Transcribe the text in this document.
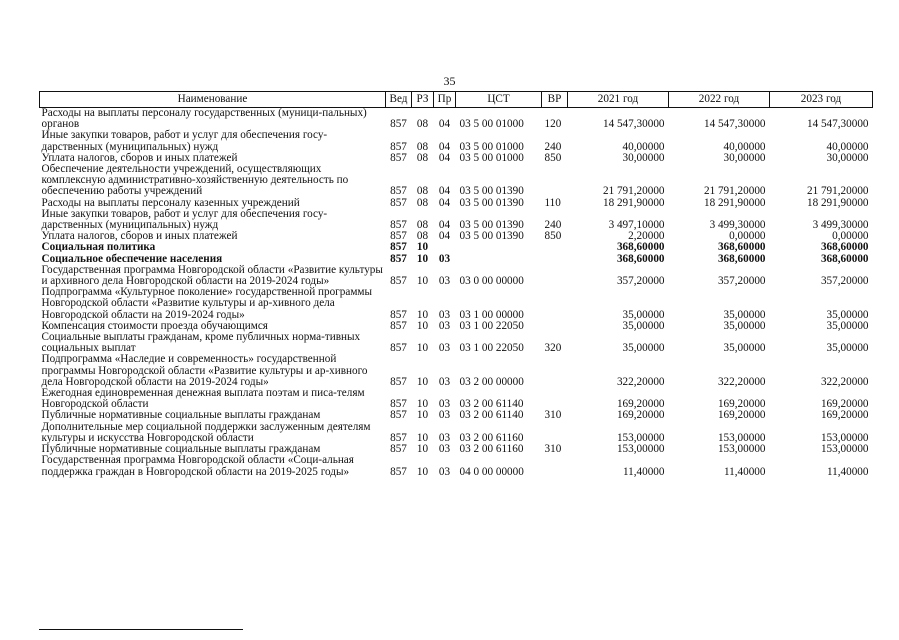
35
Наименование	Вед	РЗ	Пр	ЦСТ	ВР	2021 год	2022 год	2023 год
Расходы на выплаты персоналу государственных (муници-пальных) органов	857	08	04	03 5 00 01000	120	14 547,30000	14 547,30000	14 547,30000
Иные закупки товаров, работ и услуг для обеспечения госу-дарственных (муниципальных) нужд	857	08	04	03 5 00 01000	240	40,00000	40,00000	40,00000
Уплата налогов, сборов и иных платежей	857	08	04	03 5 00 01000	850	30,00000	30,00000	30,00000
Обеспечение деятельности учреждений, осуществляющих комплексную административно-хозяйственную деятельность по обеспечению работы учреждений	857	08	04	03 5 00 01390		21 791,20000	21 791,20000	21 791,20000
Расходы на выплаты персоналу казенных учреждений	857	08	04	03 5 00 01390	110	18 291,90000	18 291,90000	18 291,90000
Иные закупки товаров, работ и услуг для обеспечения госу-дарственных (муниципальных) нужд	857	08	04	03 5 00 01390	240	3 497,10000	3 499,30000	3 499,30000
Уплата налогов, сборов и иных платежей	857	08	04	03 5 00 01390	850	2,20000	0,00000	0,00000
Социальная политика	857	10				368,60000	368,60000	368,60000
Социальное обеспечение населения	857	10	03			368,60000	368,60000	368,60000
Государственная программа Новгородской области «Развитие культуры и архивного дела Новгородской области на 2019-2024 годы»	857	10	03	03 0 00 00000		357,20000	357,20000	357,20000
Подпрограмма «Культурное поколение» государственной программы Новгородской области «Развитие культуры и ар-хивного дела Новгородской области на 2019-2024 годы»	857	10	03	03 1 00 00000		35,00000	35,00000	35,00000
Компенсация стоимости проезда обучающимся	857	10	03	03 1 00 22050		35,00000	35,00000	35,00000
Социальные выплаты гражданам, кроме публичных норма-тивных социальных выплат	857	10	03	03 1 00 22050	320	35,00000	35,00000	35,00000
Подпрограмма «Наследие и современность» государственной программы Новгородской области «Развитие культуры и ар-хивного дела Новгородской области на 2019-2024 годы»	857	10	03	03 2 00 00000		322,20000	322,20000	322,20000
Ежегодная единовременная денежная выплата поэтам и писа-телям Новгородской области	857	10	03	03 2 00 61140		169,20000	169,20000	169,20000
Публичные нормативные социальные выплаты гражданам	857	10	03	03 2 00 61140	310	169,20000	169,20000	169,20000
Дополнительные мер социальной поддержки заслуженным деятелям культуры и искусства Новгородской области	857	10	03	03 2 00 61160		153,00000	153,00000	153,00000
Публичные нормативные социальные выплаты гражданам	857	10	03	03 2 00 61160	310	153,00000	153,00000	153,00000
Государственная программа Новгородской области «Соци-альная поддержка граждан в Новгородской области на 2019-2025 годы»	857	10	03	04 0 00 00000		11,40000	11,40000	11,40000
